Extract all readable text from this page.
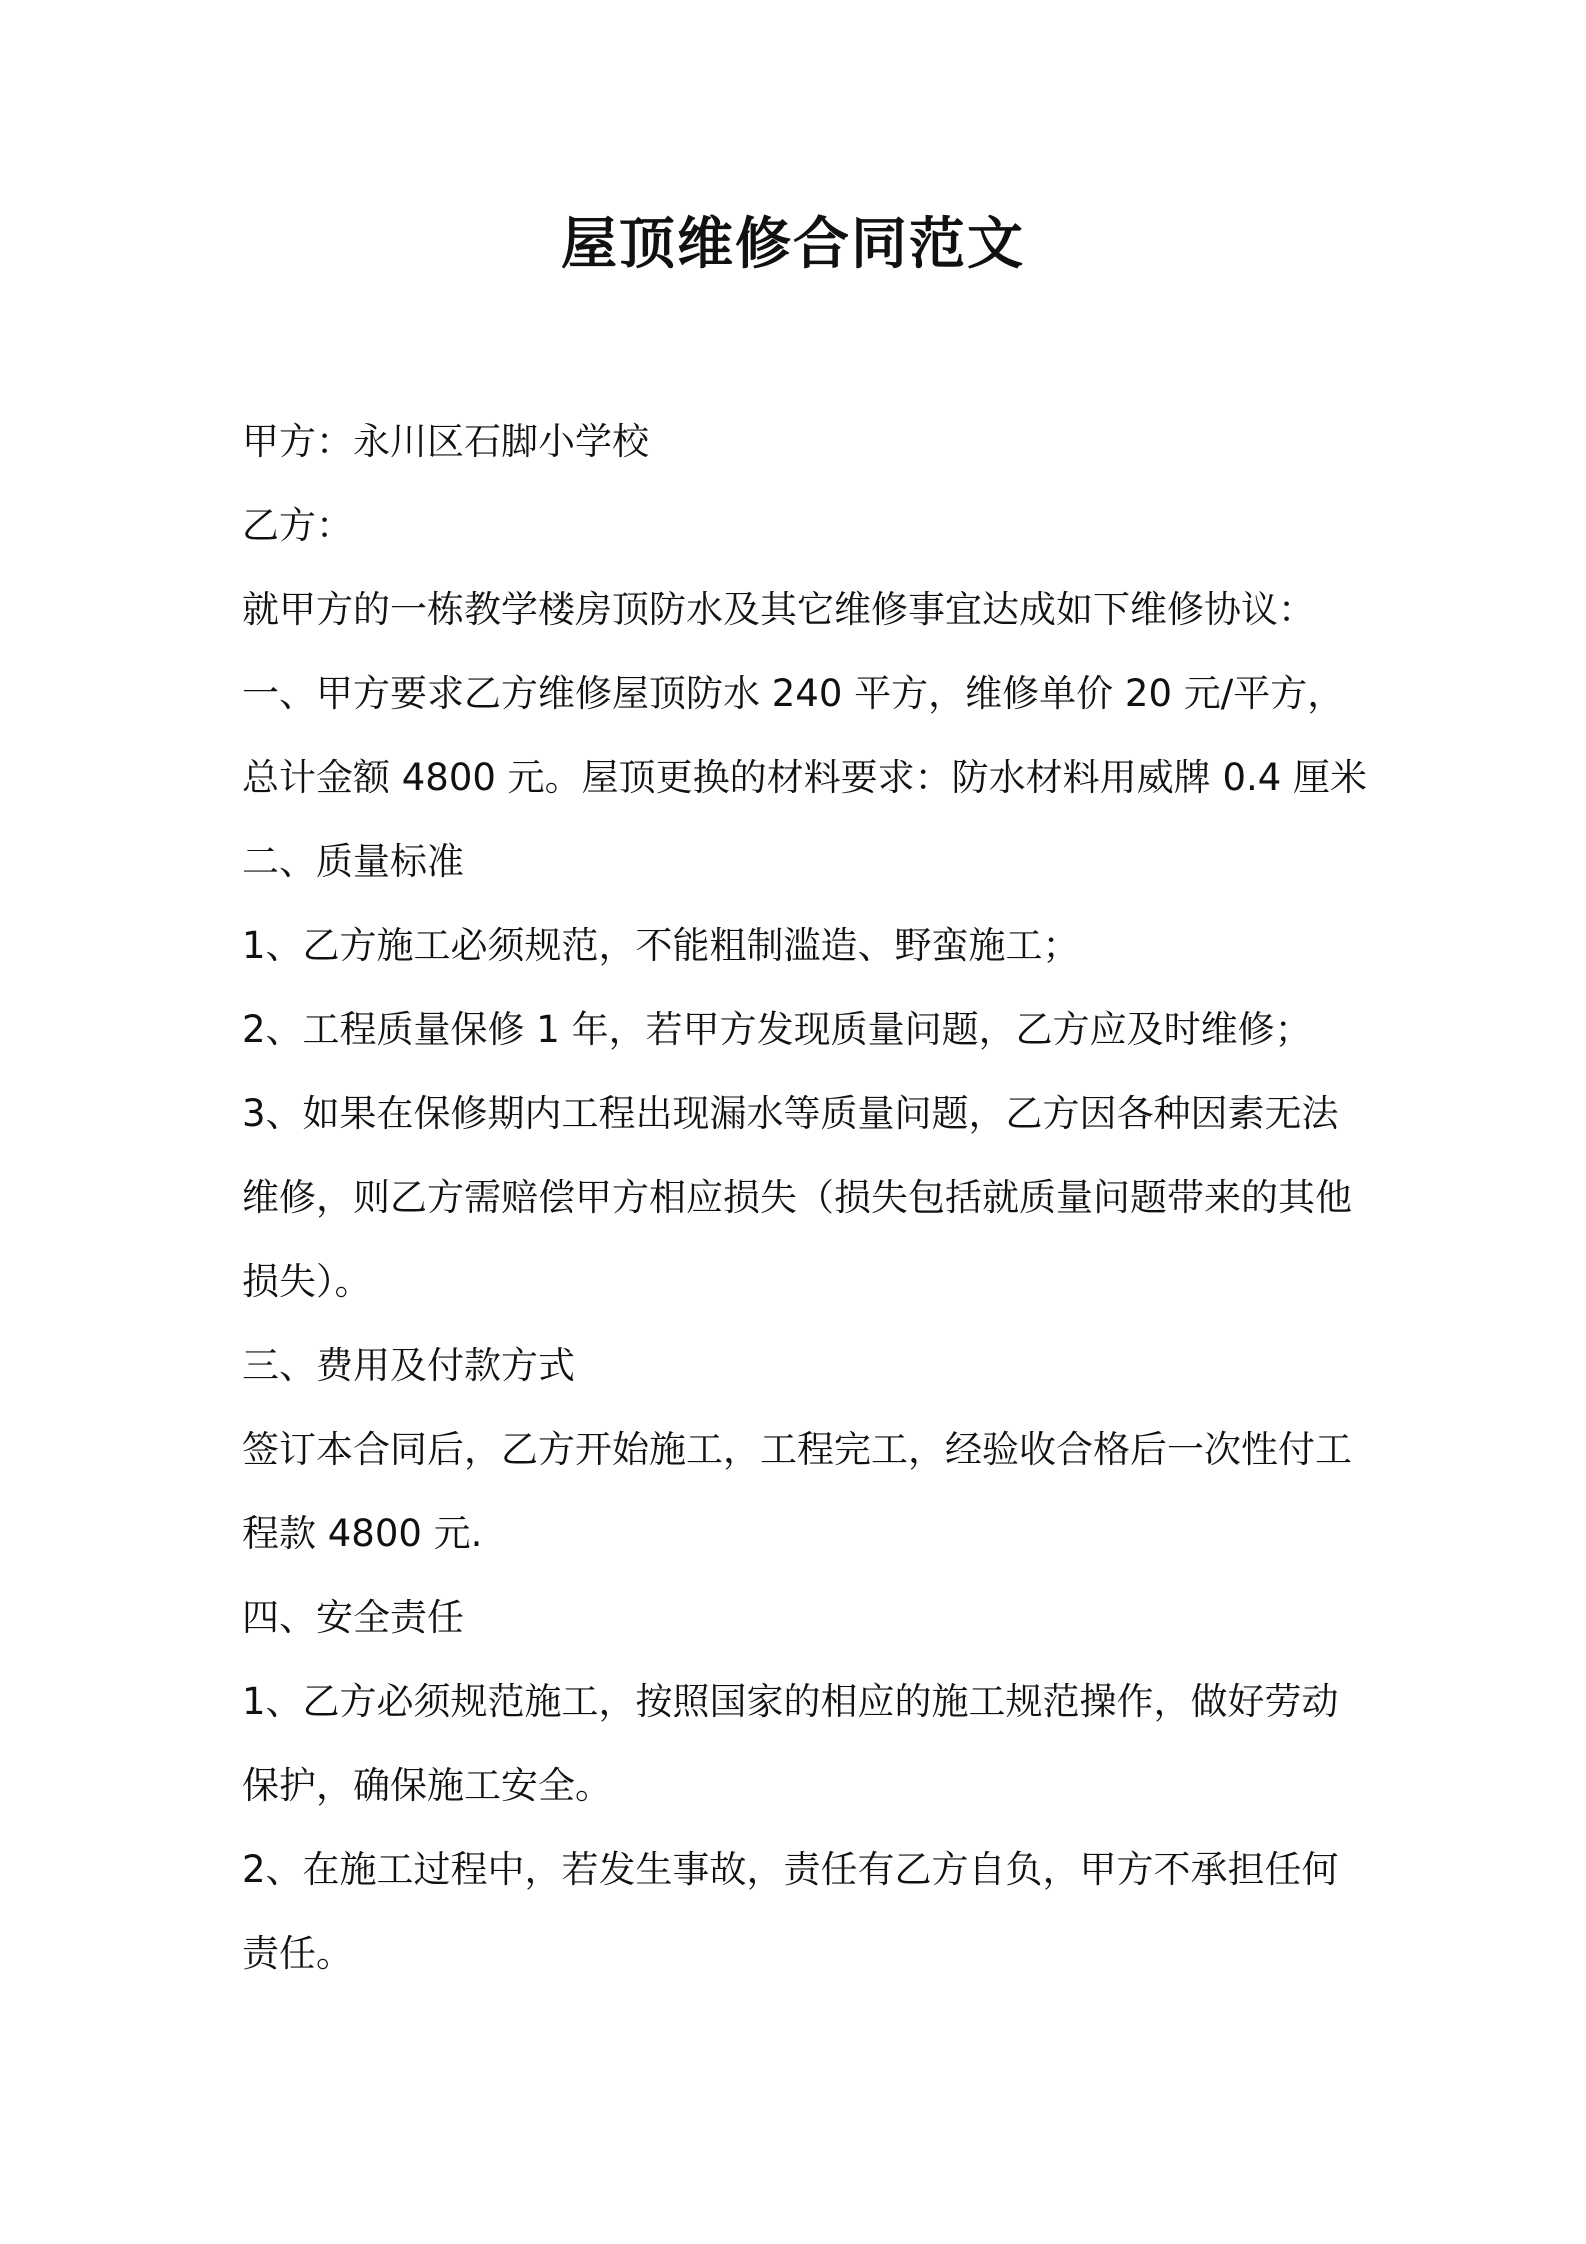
屋顶维修合同范文

甲方：永川区石脚小学校

乙方：

就甲方的一栋教学楼房顶防水及其它维修事宜达成如下维修协议：

一、甲方要求乙方维修屋顶防水 240 平方，维修单价 20 元/平方，

总计金额 4800 元。屋顶更换的材料要求：防水材料用威牌 0.4 厘米

二、质量标准

1、乙方施工必须规范，不能粗制滥造、野蛮施工；

2、工程质量保修 1 年，若甲方发现质量问题，乙方应及时维修；

3、如果在保修期内工程出现漏水等质量问题，乙方因各种因素无法

维修，则乙方需赔偿甲方相应损失（损失包括就质量问题带来的其他

损失）。

三、费用及付款方式

签订本合同后，乙方开始施工，工程完工，经验收合格后一次性付工

程款 4800 元.

四、安全责任

1、乙方必须规范施工，按照国家的相应的施工规范操作，做好劳动

保护，确保施工安全。

2、在施工过程中，若发生事故，责任有乙方自负，甲方不承担任何

责任。
